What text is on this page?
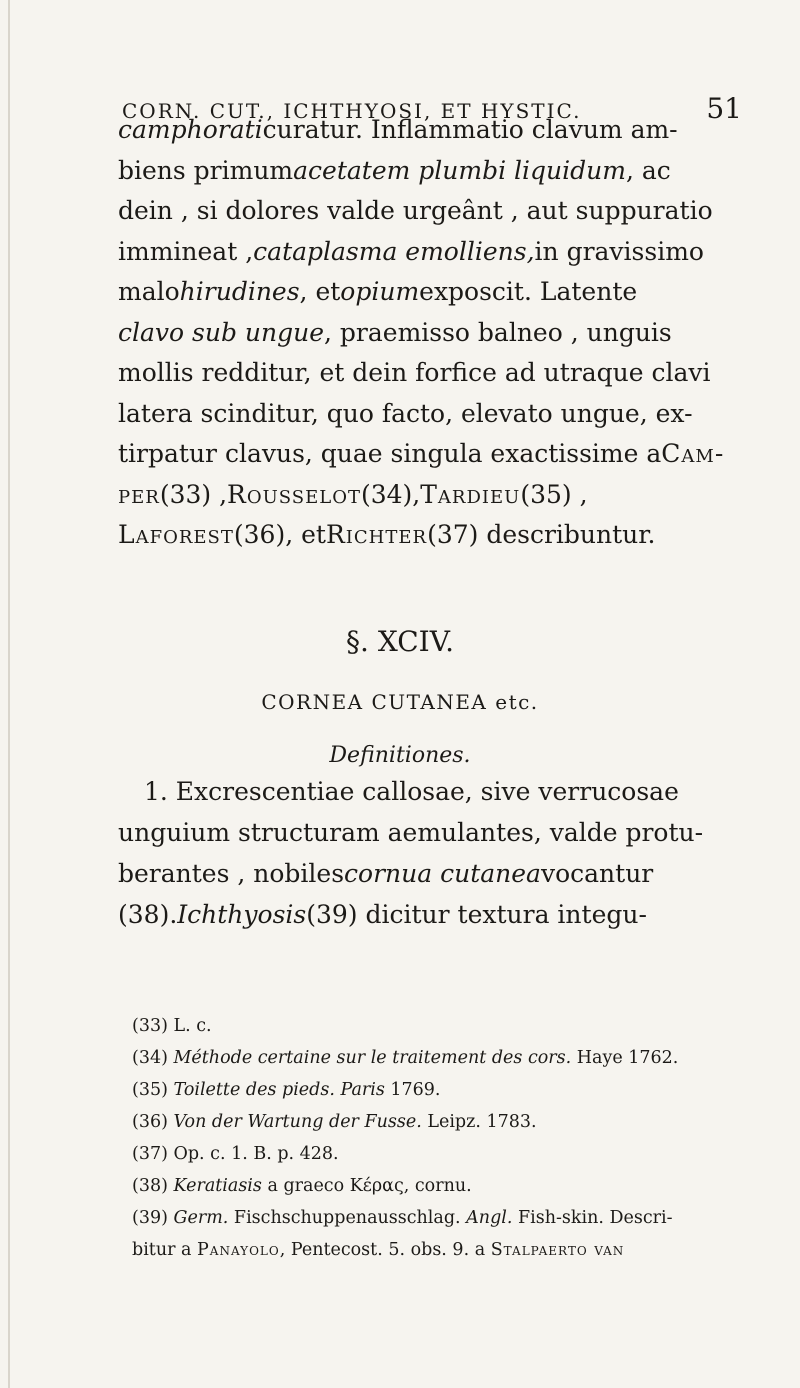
CORN. CUT., ICHTHYOSI, ET HYSTIC.	51
camphoraticuratur. Inflammatio clavum am-
biens primumacetatem plumbi liquidum, ac
dein , si dolores valde urgeânt , aut suppuratio
immineat ,cataplasma emolliens,in gravissimo
malohirudines, etopiumexposcit. Latente
clavo sub ungue, praemisso balneo , unguis
mollis redditur, et dein forfice ad utraque clavi
latera scinditur, quo facto, elevato ungue, ex-
tirpatur clavus, quae singula exactissime aCam-
per(33) ,Rousselot(34),Tardieu(35) ,
Laforest(36), etRichter(37) describuntur.
§. XCIV.
CORNEA CUTANEA etc.
Definitiones.
1. Excrescentiae callosae, sive verrucosae
unguium structuram aemulantes, valde protu-
berantes , nobilescornua cutaneavocantur
(38).Ichthyosis(39) dicitur textura integu-
(33) L. c.
(34) Méthode certaine sur le traitement des cors. Haye 1762.
(35) Toilette des pieds. Paris 1769.
(36) Von der Wartung der Fusse. Leipz. 1783.
(37) Op. c. 1. B. p. 428.
(38) Keratiasis a graeco Κέρας, cornu.
(39) Germ. Fischschuppenausschlag. Angl. Fish-skin. Descri-
bitur a Panayolo, Pentecost. 5. obs. 9. a Stalpaerto van
